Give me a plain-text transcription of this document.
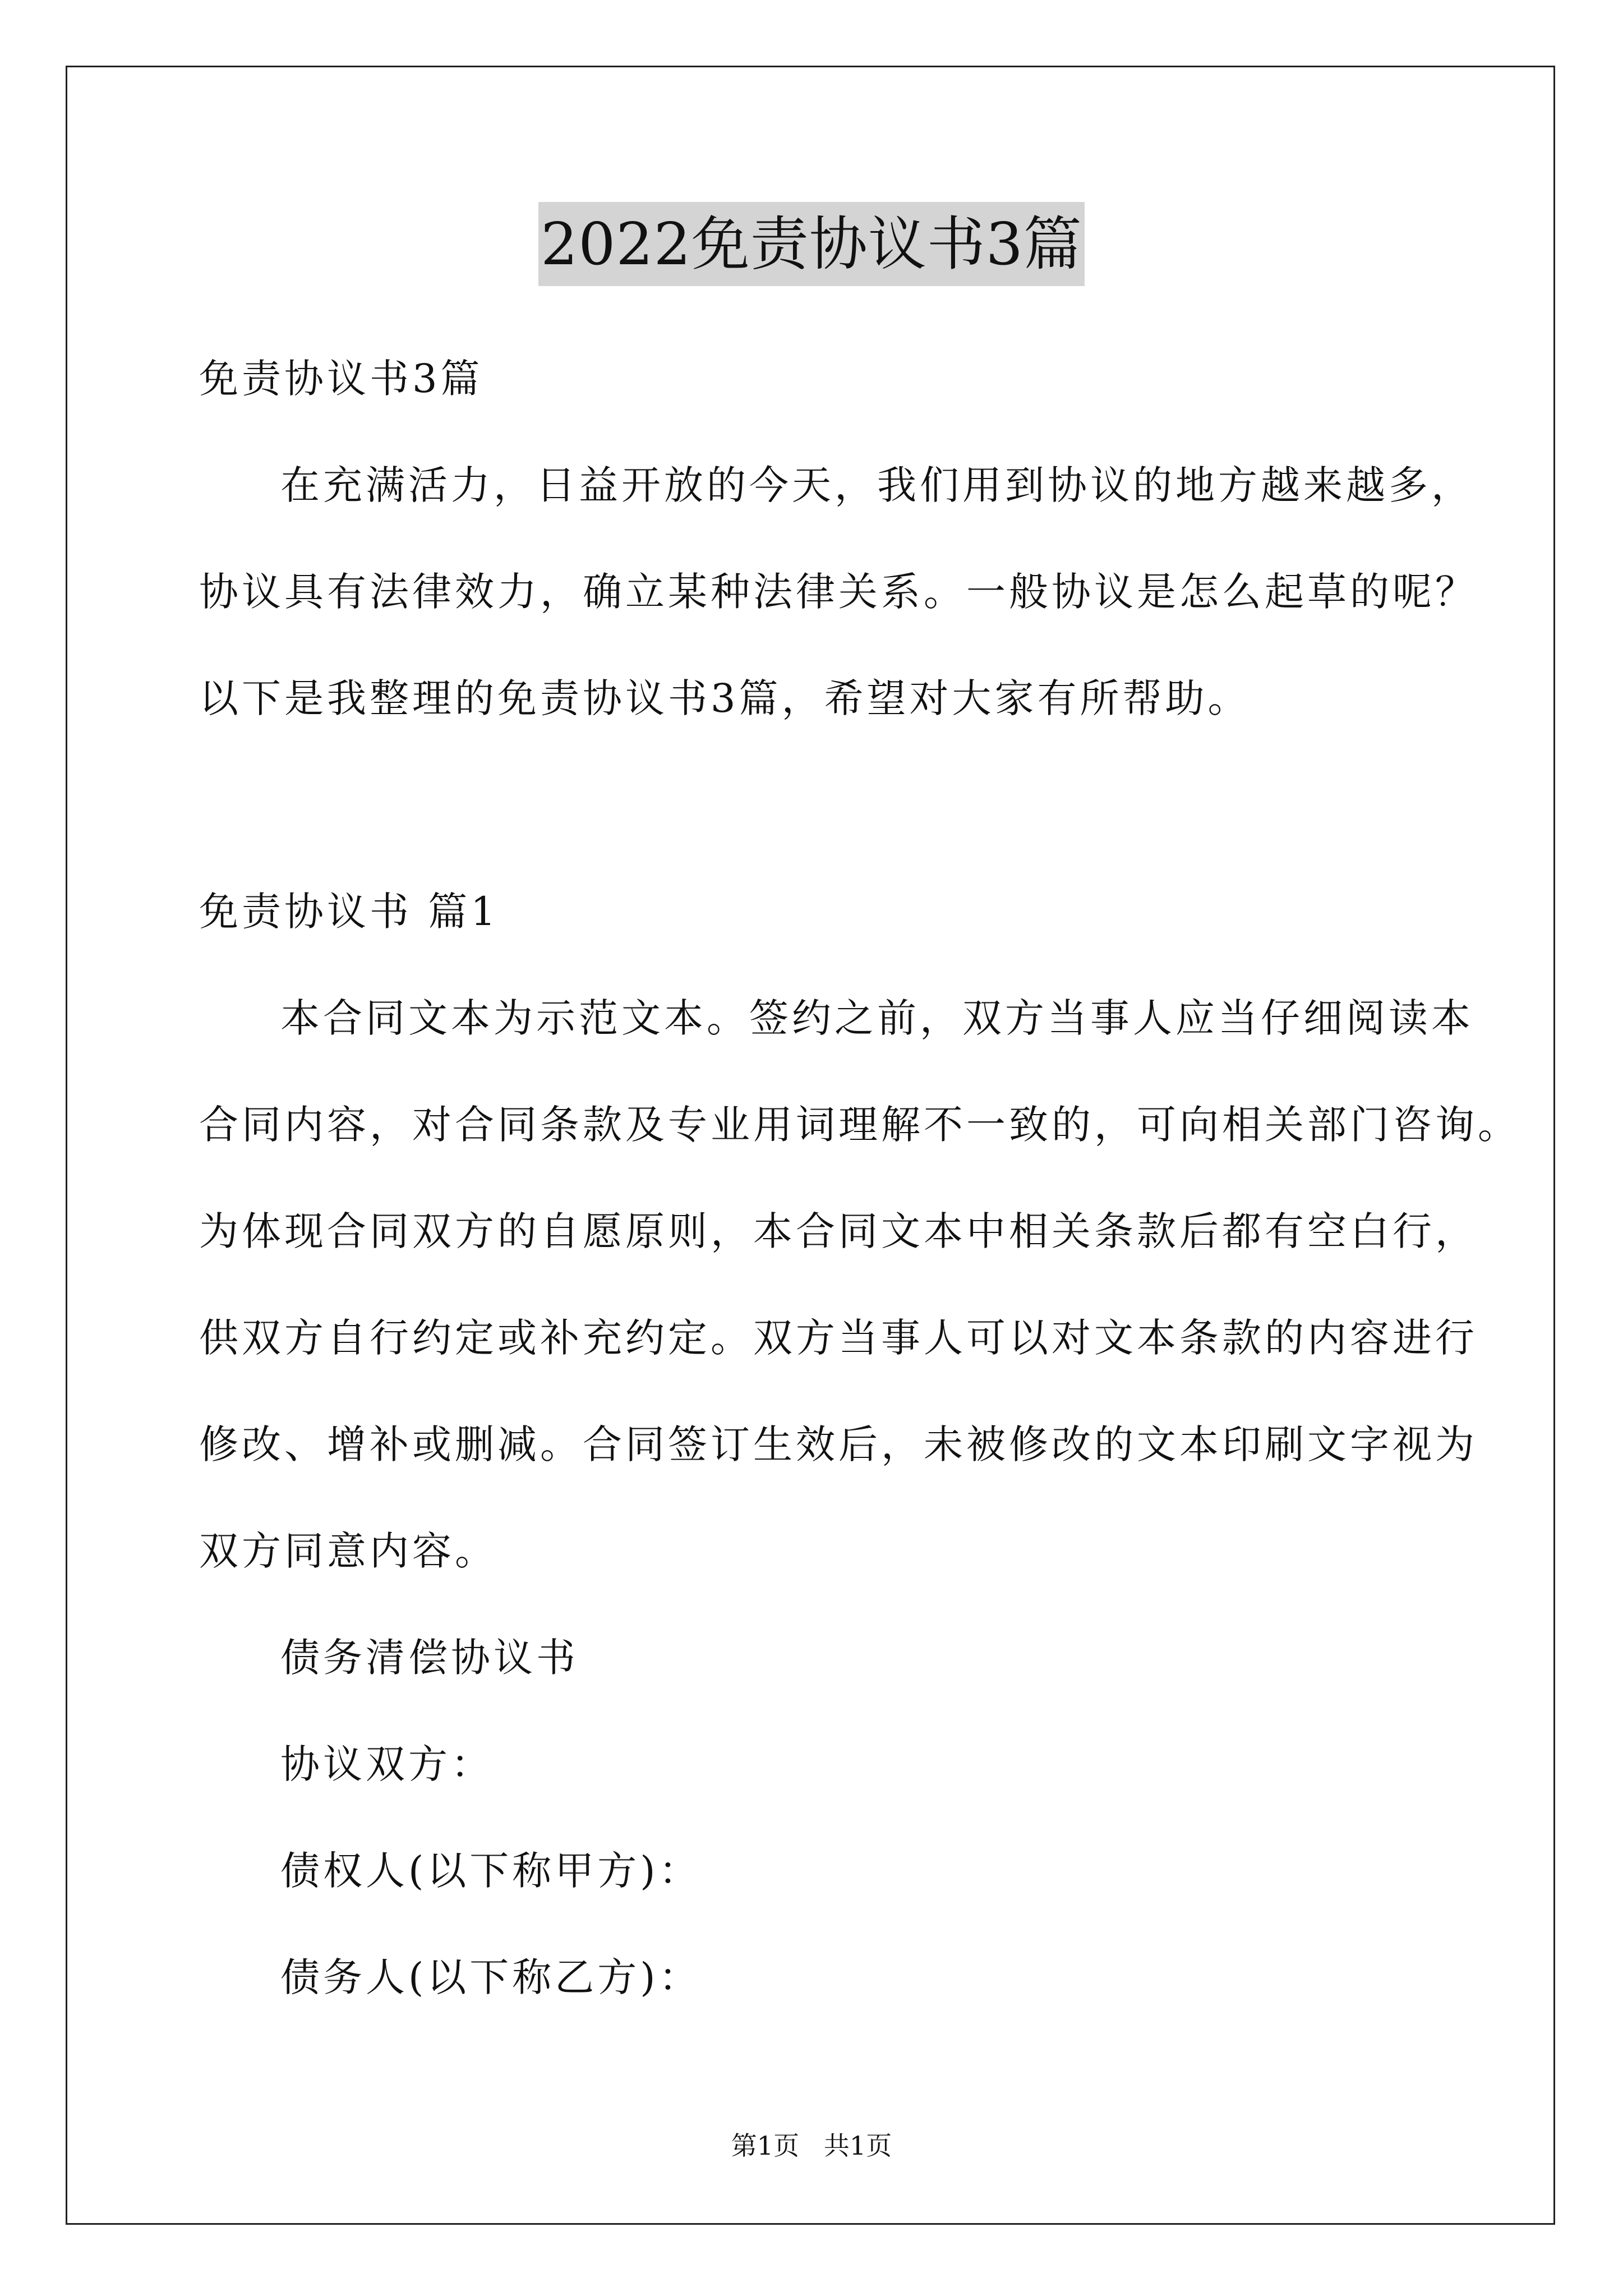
2022免责协议书3篇
免责协议书3篇
在充满活力，日益开放的今天，我们用到协议的地方越来越多，
协议具有法律效力，确立某种法律关系。一般协议是怎么起草的呢？
以下是我整理的免责协议书3篇，希望对大家有所帮助。
免责协议书 篇1
本合同文本为示范文本。签约之前，双方当事人应当仔细阅读本
合同内容，对合同条款及专业用词理解不一致的，可向相关部门咨询。
为体现合同双方的自愿原则，本合同文本中相关条款后都有空白行，
供双方自行约定或补充约定。双方当事人可以对文本条款的内容进行
修改、增补或删减。合同签订生效后，未被修改的文本印刷文字视为
双方同意内容。
债务清偿协议书
协议双方：
债权人(以下称甲方)：
债务人(以下称乙方)：
第1页   共1页
